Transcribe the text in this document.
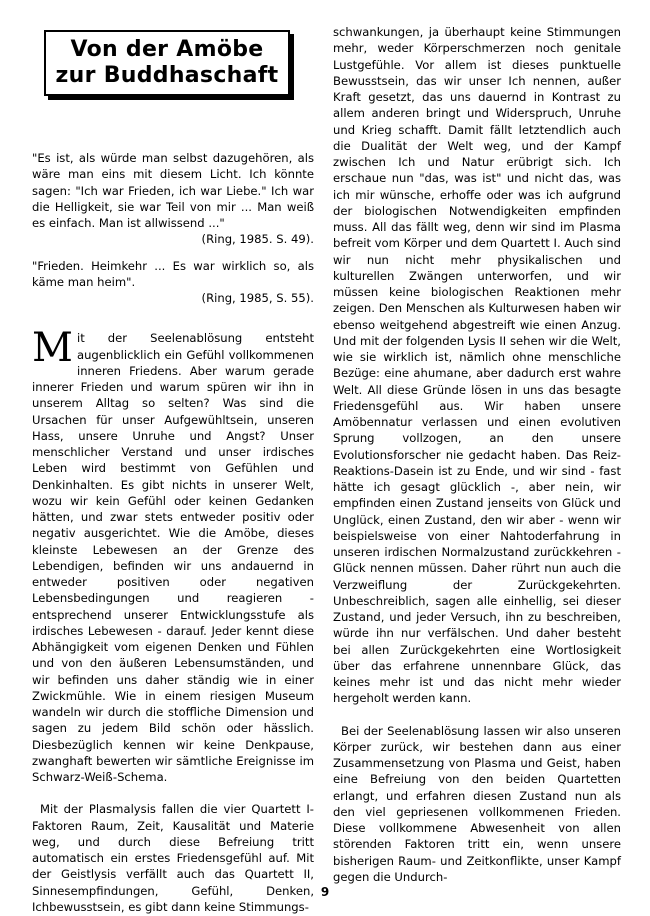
Von der Amöbe
zur Buddhaschaft
"Es ist, als würde man selbst dazugehören, als wäre man eins mit diesem Licht. Ich könnte sagen: "Ich war Frieden, ich war Liebe." Ich war die Helligkeit, sie war Teil von mir ... Man weiß es einfach. Man ist allwissend ..."
(Ring, 1985. S. 49).
"Frieden. Heimkehr ... Es war wirklich so, als käme man heim".
(Ring, 1985, S. 55).

Mit der Seelenablösung entsteht augenblicklich ein Gefühl vollkommenen inneren Friedens. Aber warum gerade innerer Frieden und warum spüren wir ihn in unserem Alltag so selten? Was sind die Ursachen für unser Aufgewühltsein, unseren Hass, unsere Unruhe und Angst? Unser menschlicher Verstand und unser irdisches Leben wird bestimmt von Gefühlen und Denkinhalten. Es gibt nichts in unserer Welt, wozu wir kein Gefühl oder keinen Gedanken hätten, und zwar stets entweder positiv oder negativ ausgerichtet. Wie die Amöbe, dieses kleinste Lebewesen an der Grenze des Lebendigen, befinden wir uns andauernd in entweder positiven oder negativen Lebensbedingungen und reagieren - entsprechend unserer Entwicklungsstufe als irdisches Lebewesen - darauf. Jeder kennt diese Abhängigkeit vom eigenen Denken und Fühlen und von den äußeren Lebensumständen, und wir befinden uns daher ständig wie in einer Zwickmühle. Wie in einem riesigen Museum wandeln wir durch die stoffliche Dimension und sagen zu jedem Bild schön oder hässlich. Diesbezüglich kennen wir keine Denkpause, zwanghaft bewerten wir sämtliche Ereignisse im Schwarz-Weiß-Schema.

Mit der Plasmalysis fallen die vier Quartett I-Faktoren Raum, Zeit, Kausalität und Materie weg, und durch diese Befreiung tritt automatisch ein erstes Friedensgefühl auf. Mit der Geistlysis verfällt auch das Quartett II, Sinnesempfindungen, Gefühl, Denken, Ichbewusstsein, es gibt dann keine Stimmungs-

schwankungen, ja überhaupt keine Stimmungen mehr, weder Körperschmerzen noch genitale Lustgefühle. Vor allem ist dieses punktuelle Bewusstsein, das wir unser Ich nennen, außer Kraft gesetzt, das uns dauernd in Kontrast zu allem anderen bringt und Widerspruch, Unruhe und Krieg schafft. Damit fällt letztendlich auch die Dualität der Welt weg, und der Kampf zwischen Ich und Natur erübrigt sich. Ich erschaue nun "das, was ist" und nicht das, was ich mir wünsche, erhoffe oder was ich aufgrund der biologischen Notwendigkeiten empfinden muss. All das fällt weg, denn wir sind im Plasma befreit vom Körper und dem Quartett I. Auch sind wir nun nicht mehr physikalischen und kulturellen Zwängen unterworfen, und wir müssen keine biologischen Reaktionen mehr zeigen. Den Menschen als Kulturwesen haben wir ebenso weitgehend abgestreift wie einen Anzug. Und mit der folgenden Lysis II sehen wir die Welt, wie sie wirklich ist, nämlich ohne menschliche Bezüge: eine ahumane, aber dadurch erst wahre Welt. All diese Gründe lösen in uns das besagte Friedensgefühl aus. Wir haben unsere Amöbennatur verlassen und einen evolutiven Sprung vollzogen, an den unsere Evolutionsforscher nie gedacht haben. Das Reiz-Reaktions-Dasein ist zu Ende, und wir sind - fast hätte ich gesagt glücklich -, aber nein, wir empfinden einen Zustand jenseits von Glück und Unglück, einen Zustand, den wir aber - wenn wir beispielsweise von einer Nahtoderfahrung in unseren irdischen Normalzustand zurückkehren - Glück nennen müssen. Daher rührt nun auch die Verzweiflung der Zurückgekehrten. Unbeschreiblich, sagen alle einhellig, sei dieser Zustand, und jeder Versuch, ihn zu beschreiben, würde ihn nur verfälschen. Und daher besteht bei allen Zurückgekehrten eine Wortlosigkeit über das erfahrene unnennbare Glück, das keines mehr ist und das nicht mehr wieder hergeholt werden kann.

Bei der Seelenablösung lassen wir also unseren Körper zurück, wir bestehen dann aus einer Zusammensetzung von Plasma und Geist, haben eine Befreiung von den beiden Quartetten erlangt, und erfahren diesen Zustand nun als den viel gepriesenen vollkommenen Frieden. Diese vollkommene Abwesenheit von allen störenden Faktoren tritt ein, wenn unsere bisherigen Raum- und Zeitkonflikte, unser Kampf gegen die Undurch-

9
